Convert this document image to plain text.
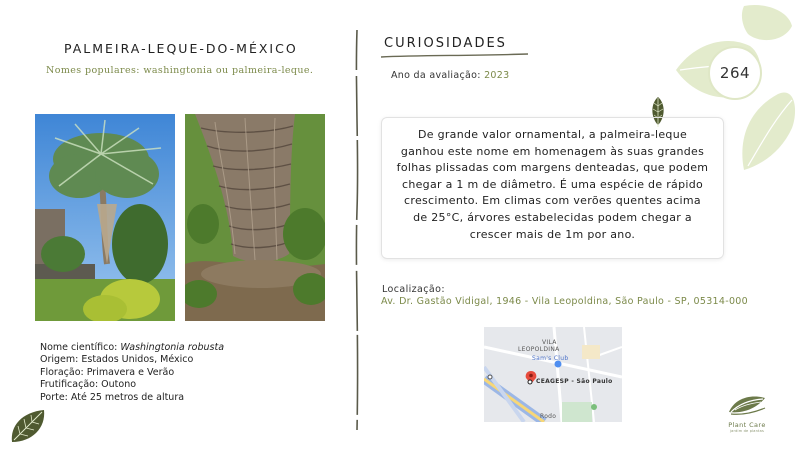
264
PALMEIRA-LEQUE-DO-MÉXICO
Nomes populares: washingtonia ou palmeira-leque.
Nome científico: Washingtonia robusta
Origem: Estados Unidos, México
Floração: Primavera e Verão
Frutificação: Outono
Porte: Até 25 metros de altura
CURIOSIDADES
Ano da avaliação: 2023

De grande valor ornamental, a palmeira-leque ganhou este nome em homenagem às suas grandes folhas plissadas com margens denteadas, que podem chegar a 1 m de diâmetro. É uma espécie de rápido crescimento. Em climas com verões quentes acima de 25°C, árvores estabelecidas podem chegar a crescer mais de 1m por ano.

Localização:
Av. Dr. Gastão Vidigal, 1946 - Vila Leopoldina, São Paulo - SP, 05314-000
VILA
LEOPOLDINA
Sam's Club
CEAGESP - São Paulo
Rodo
Plant Care
jardim de plantas
